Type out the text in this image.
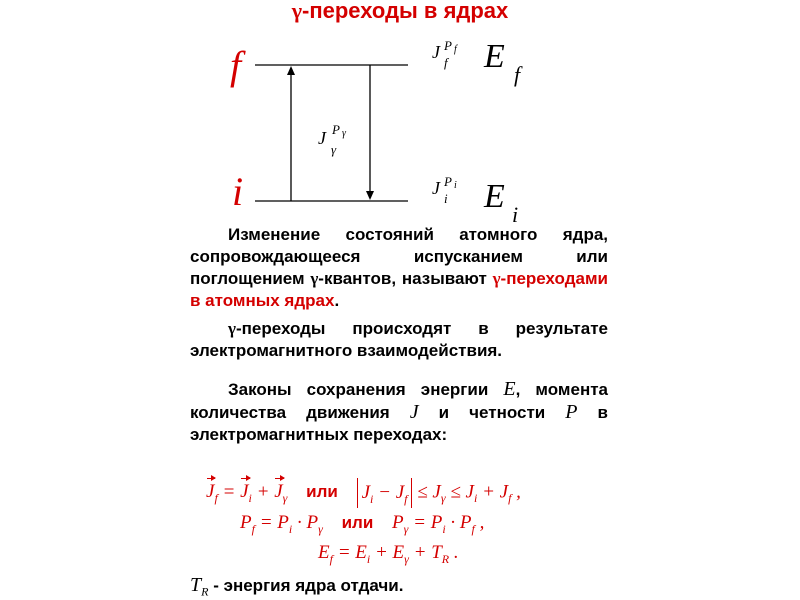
γ-переходы в ядрах
f
i
J
f
P f
J
γ
P γ
J
i
P i
E f
E i
Изменение состояний атомного ядра, сопровождающееся испусканием или поглощением γ-квантов, называют γ-переходами в атомных ядрах.
γ-переходы происходят в результате электромагнитного взаимодействия.
Законы сохранения энергии E, момента количества движения J и четности P в электромагнитных переходах:
$J_f = J_i + J_\gamma$ или $J_i - J_f \le J_\gamma \le J_i + J_f$ ,
$P_f = P_i \cdot P_\gamma$ или $P_\gamma = P_i \cdot P_f$ ,
$E_f = E_i + E_\gamma + T_R$ .
$T_R$ - энергия ядра отдачи.
